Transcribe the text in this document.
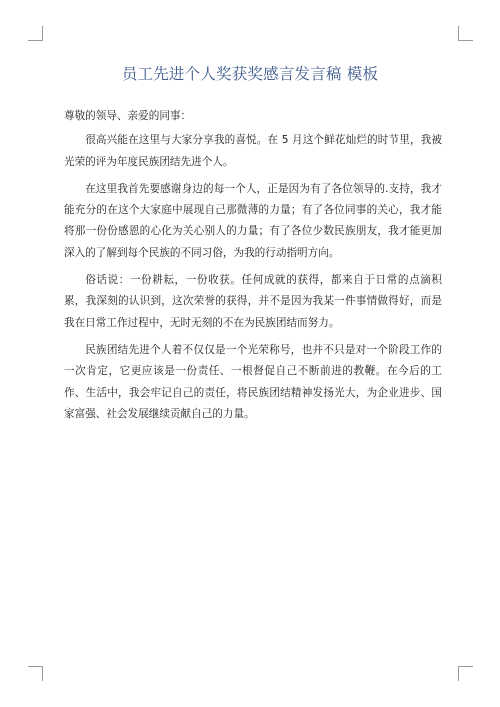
员工先进个人奖获奖感言发言稿 模板

尊敬的领导、亲爱的同事：

很高兴能在这里与大家分享我的喜悦。在 5 月这个鲜花灿烂的时节里，我被光荣的评为年度民族团结先进个人。

在这里我首先要感谢身边的每一个人，正是因为有了各位领导的.支持，我才能充分的在这个大家庭中展现自己那微薄的力量；有了各位同事的关心，我才能将那一份份感恩的心化为关心别人的力量；有了各位少数民族朋友，我才能更加深入的了解到每个民族的不同习俗，为我的行动指明方向。

俗话说：一份耕耘，一份收获。任何成就的获得，都来自于日常的点滴积累，我深刻的认识到，这次荣誉的获得，并不是因为我某一件事情做得好，而是我在日常工作过程中，无时无刻的不在为民族团结而努力。

民族团结先进个人着不仅仅是一个光荣称号，也并不只是对一个阶段工作的一次肯定，它更应该是一份责任、一根督促自己不断前进的教鞭。在今后的工作、生活中，我会牢记自己的责任，将民族团结精神发扬光大，为企业进步、国家富强、社会发展继续贡献自己的力量。
